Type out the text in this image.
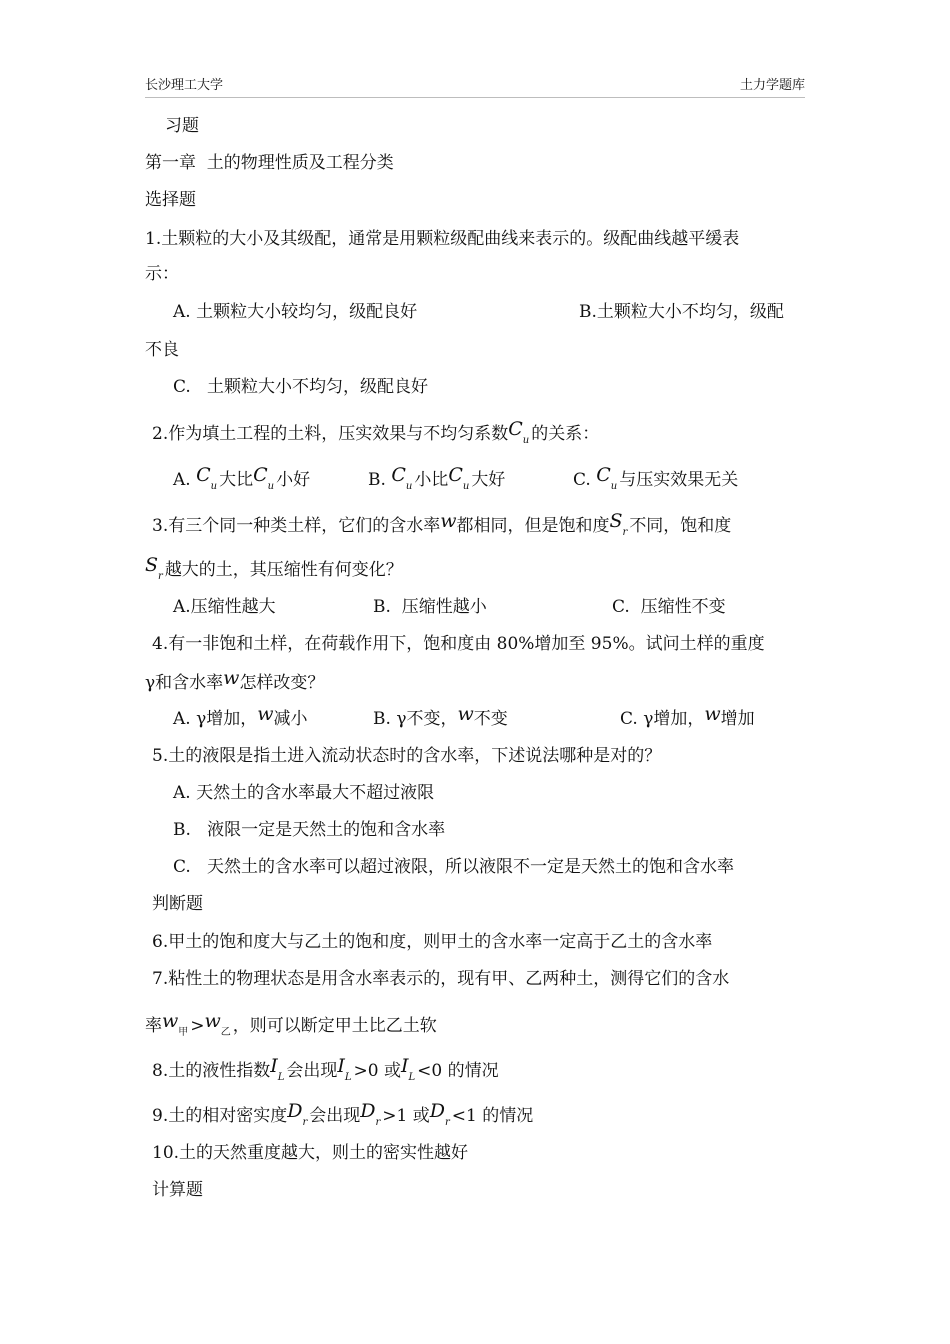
长沙理工大学	土力学题库
习题
第一章  土的物理性质及工程分类
选择题
1.土颗粒的大小及其级配，通常是用颗粒级配曲线来表示的。级配曲线越平缓表
示：
A. 土颗粒大小较均匀，级配良好	B.土颗粒大小不均匀，级配
不良
C.   土颗粒大小不均匀，级配良好
2.作为填土工程的土料，压实效果与不均匀系数$C_u$ 的关系：
A. $C_u$ 大比$C_u$ 小好	B. $C_u$ 小比$C_u$ 大好	C. $C_u$ 与压实效果无关
3.有三个同一种类土样，它们的含水率w都相同，但是饱和度$S_r$ 不同，饱和度
$S_r$ 越大的土，其压缩性有何变化？
A.压缩性越大	B.  压缩性越小	C.  压缩性不变
4.有一非饱和土样，在荷载作用下，饱和度由 80%增加至 95%。试问土样的重度
γ和含水率w怎样改变？
A. γ增加，w减小	B. γ不变，w不变	C. γ增加，w增加
5.土的液限是指土进入流动状态时的含水率，下述说法哪种是对的？
A. 天然土的含水率最大不超过液限
B.   液限一定是天然土的饱和含水率
C.   天然土的含水率可以超过液限，所以液限不一定是天然土的饱和含水率
判断题
6.甲土的饱和度大与乙土的饱和度，则甲土的含水率一定高于乙土的含水率
7.粘性土的物理状态是用含水率表示的，现有甲、乙两种土，测得它们的含水
率$w_甲 >w_乙$ ，则可以断定甲土比乙土软
8.土的液性指数$I_L$ 会出现$I_L >0$ 或$I_L <0$ 的情况
9.土的相对密实度$D_r$ 会出现$D_r >1$ 或$D_r <1$ 的情况
10.土的天然重度越大，则土的密实性越好
计算题
